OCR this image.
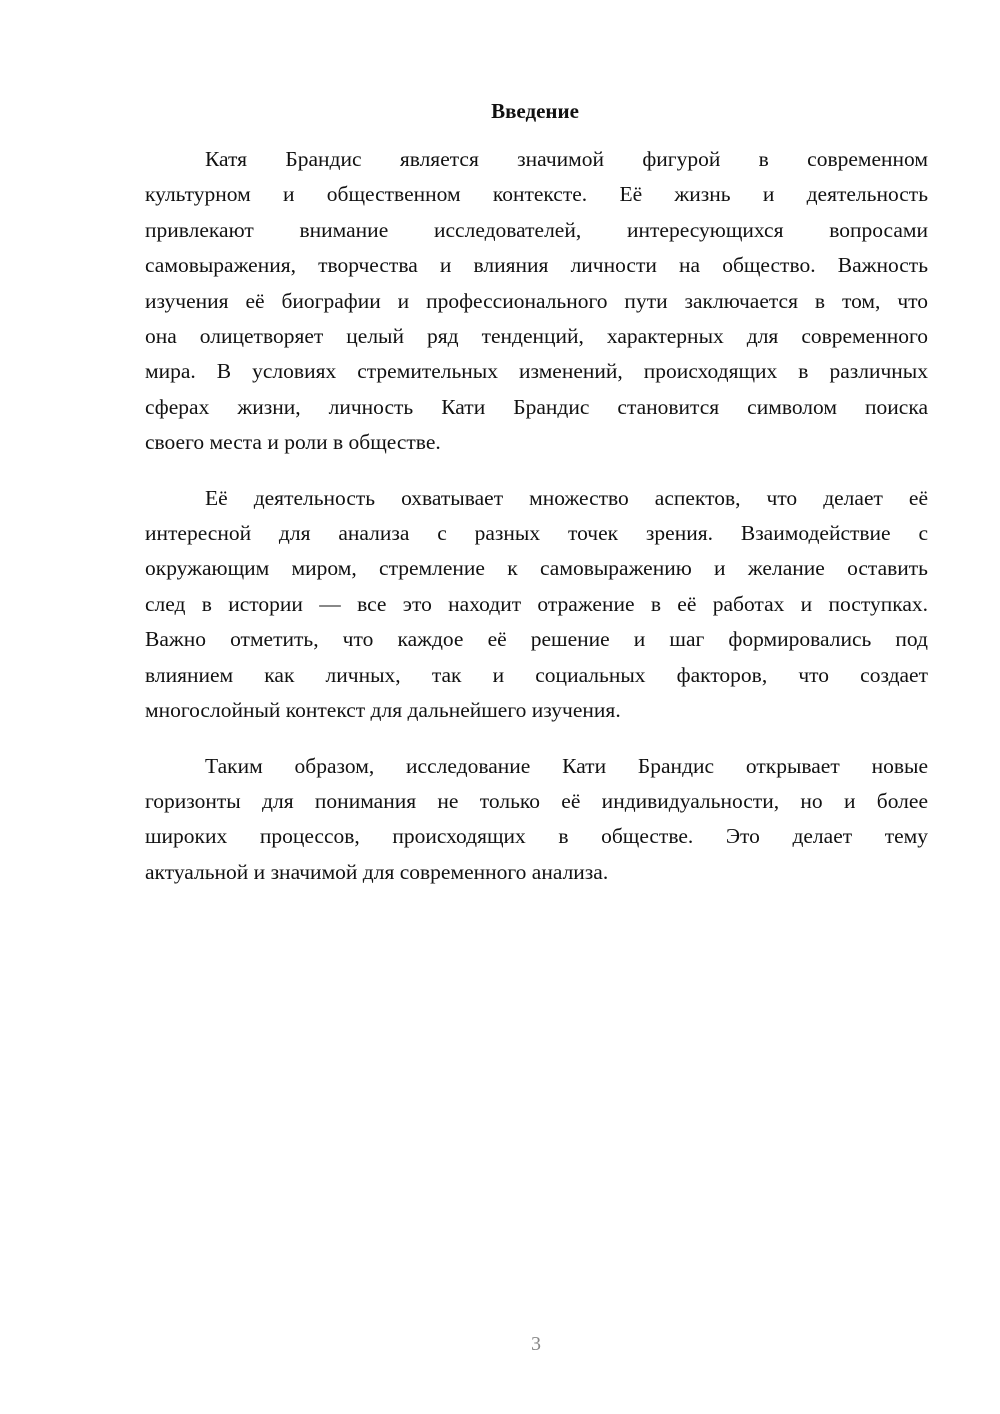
Введение
Катя Брандис является значимой фигурой в современном
культурном и общественном контексте. Её жизнь и деятельность
привлекают внимание исследователей, интересующихся вопросами
самовыражения, творчества и влияния личности на общество. Важность
изучения её биографии и профессионального пути заключается в том, что
она олицетворяет целый ряд тенденций, характерных для современного
мира. В условиях стремительных изменений, происходящих в различных
сферах жизни, личность Кати Брандис становится символом поиска
своего места и роли в обществе.
Её деятельность охватывает множество аспектов, что делает её
интересной для анализа с разных точек зрения. Взаимодействие с
окружающим миром, стремление к самовыражению и желание оставить
след в истории — все это находит отражение в её работах и поступках.
Важно отметить, что каждое её решение и шаг формировались под
влиянием как личных, так и социальных факторов, что создает
многослойный контекст для дальнейшего изучения.
Таким образом, исследование Кати Брандис открывает новые
горизонты для понимания не только её индивидуальности, но и более
широких процессов, происходящих в обществе. Это делает тему
актуальной и значимой для современного анализа.
3
